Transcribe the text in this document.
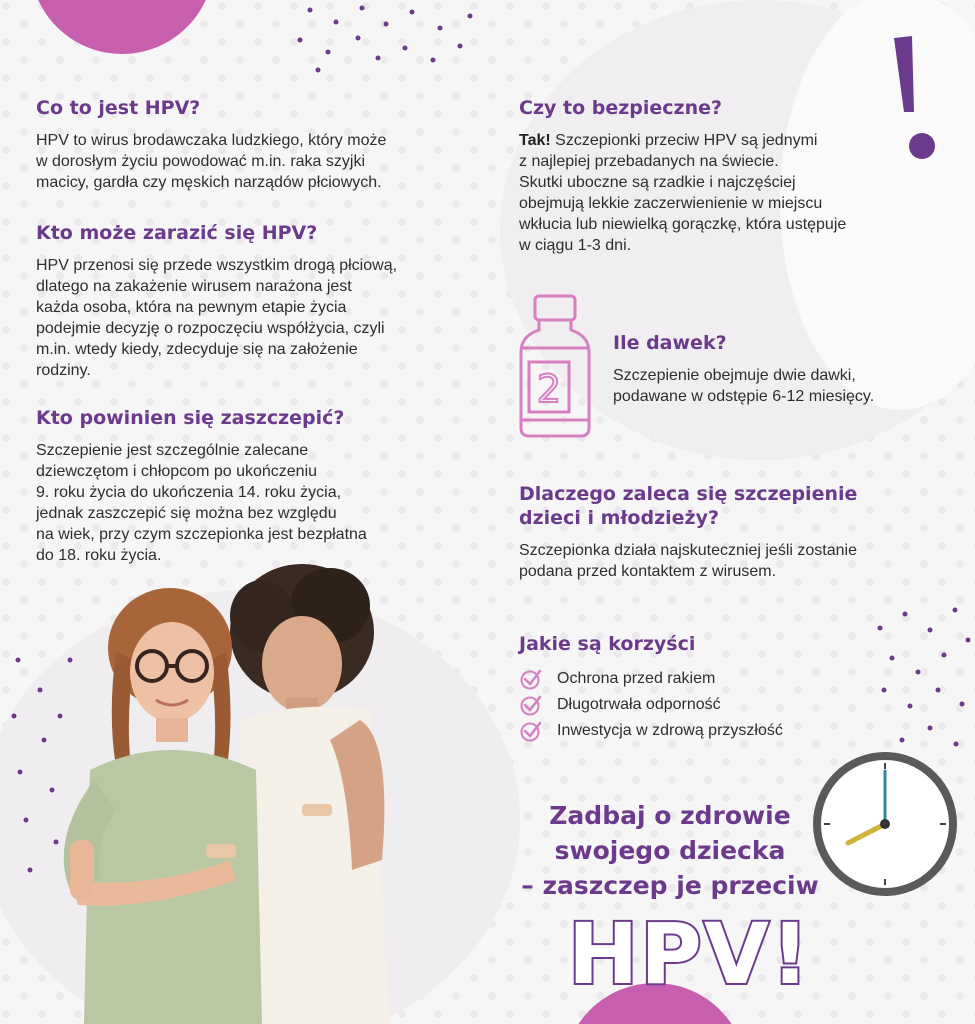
Co to jest HPV?

HPV to wirus brodawczaka ludzkiego, który może
w dorosłym życiu powodować m.in. raka szyjki
macicy, gardła czy męskich narządów płciowych.

Kto może zarazić się HPV?

HPV przenosi się przede wszystkim drogą płciową,
dlatego na zakażenie wirusem narażona jest
każda osoba, która na pewnym etapie życia
podejmie decyzję o rozpoczęciu współżycia, czyli
m.in. wtedy kiedy, zdecyduje się na założenie
rodziny.

Kto powinien się zaszczepić?

Szczepienie jest szczególnie zalecane
dziewczętom i chłopcom po ukończeniu
9. roku życia do ukończenia 14. roku życia,
jednak zaszczepić się można bez względu
na wiek, przy czym szczepionka jest bezpłatna
do 18. roku życia.

Czy to bezpieczne?

Tak! Szczepionki przeciw HPV są jednymi
z najlepiej przebadanych na świecie.
Skutki uboczne są rzadkie i najczęściej
obejmują lekkie zaczerwienienie w miejscu
wkłucia lub niewielką gorączkę, która ustępuje
w ciągu 1-3 dni.

2
Ile dawek?

Szczepienie obejmuje dwie dawki,
podawane w odstępie 6-12 miesięcy.

Dlaczego zaleca się szczepienie
dzieci i młodzieży?

Szczepionka działa najskuteczniej jeśli zostanie
podana przed kontaktem z wirusem.

Jakie są korzyści
Ochrona przed rakiem
Długotrwała odporność
Inwestycja w zdrową przyszłość
Zadbaj o zdrowie
swojego dziecka
– zaszczep je przeciw
HPV!
